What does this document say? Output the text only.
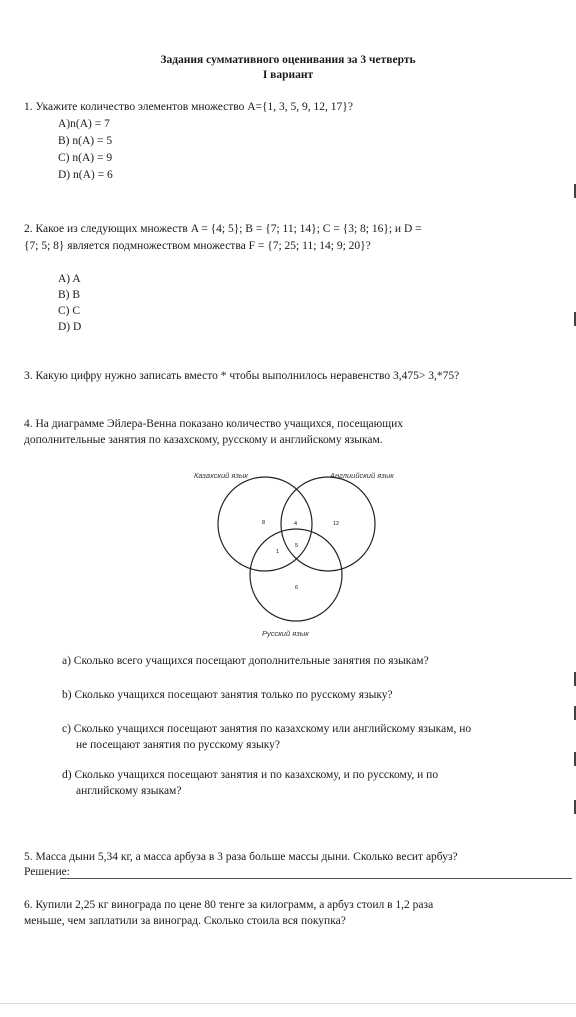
Задания суммативного оценивания за 3 четверть
I вариант
1. Укажите количество элементов множество A={1, 3, 5, 9, 12, 17}?
A)n(A) = 7
B) n(A) = 5
C) n(A) = 9
D) n(A) = 6
2. Какое из следующих множеств A = {4; 5}; B = {7; 11; 14}; C = {3; 8; 16}; и D =
{7; 5; 8} является подмножеством множества F = {7; 25; 11; 14; 9; 20}?
A) A
B) B
C) C
D) D
3. Какую цифру нужно записать вместо * чтобы выполнилось неравенство 3,475> 3,*75?
4. На диаграмме Эйлера-Венна показано количество учащихся, посещающих
дополнительные занятия по казахскому, русскому и английскому языкам.
Казахский язык	Англиийский язык
Русский язык
8	4	12
1
5
6
a) Сколько всего учащихся посещают дополнительные занятия по языкам?
b) Сколько учащихся посещают занятия только по русскому языку?
c) Сколько учащихся посещают занятия по казахскому или английскому языкам, но
не посещают занятия по русскому языку?
d) Сколько учащихся посещают занятия и по казахскому, и по русскому, и по
английскому языкам?
5. Масса дыни 5,34 кг, а масса арбуза в 3 раза больше массы дыни. Сколько весит арбуз?
Решение:
6. Купили 2,25 кг винограда по цене 80 тенге за килограмм, а арбуз стоил в 1,2 раза
меньше, чем заплатили за виноград. Сколько стоила вся покупка?
